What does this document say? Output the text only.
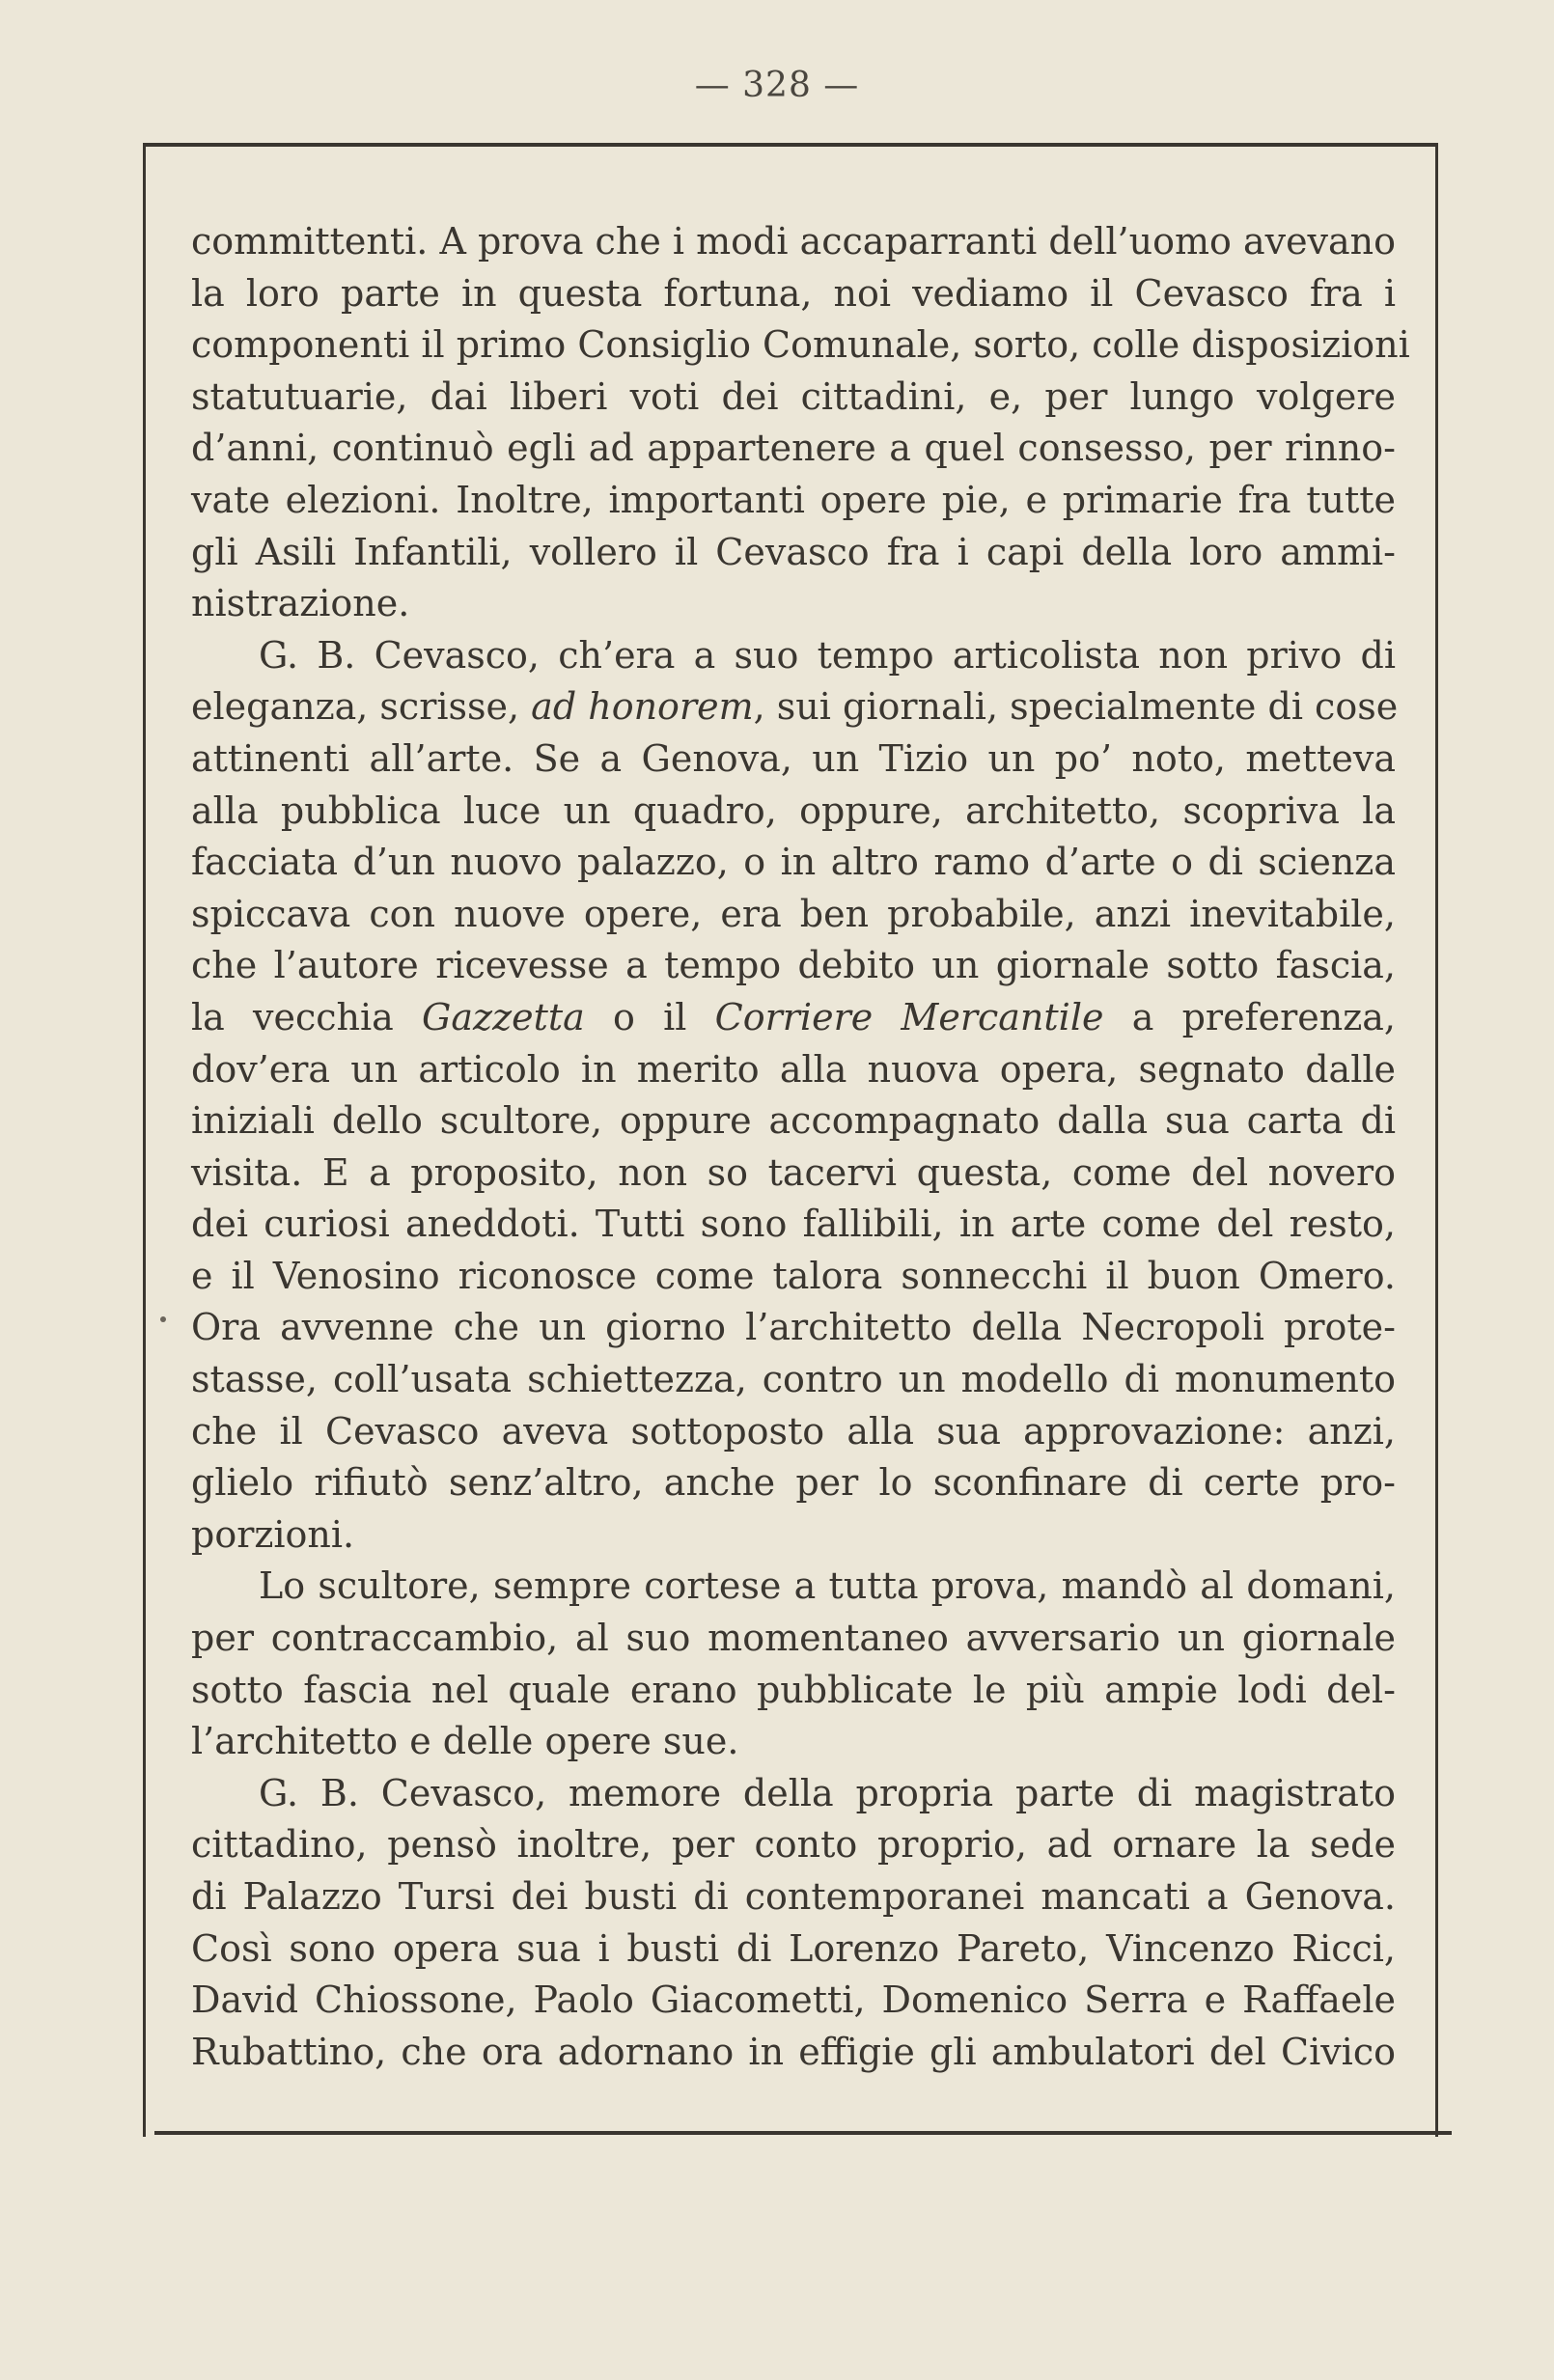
— 328 —
committenti. A prova che i modi accaparranti dell’uomo avevano
la loro parte in questa fortuna, noi vediamo il Cevasco fra i
componenti il primo Consiglio Comunale, sorto, colle disposizioni
statutuarie, dai liberi voti dei cittadini, e, per lungo volgere
d’anni, continuò egli ad appartenere a quel consesso, per rinno-
vate elezioni. Inoltre, importanti opere pie, e primarie fra tutte
gli Asili Infantili, vollero il Cevasco fra i capi della loro ammi-
nistrazione.
G. B. Cevasco, ch’era a suo tempo articolista non privo di
eleganza, scrisse, ad honorem, sui giornali, specialmente di cose
attinenti all’arte. Se a Genova, un Tizio un po’ noto, metteva
alla pubblica luce un quadro, oppure, architetto, scopriva la
facciata d’un nuovo palazzo, o in altro ramo d’arte o di scienza
spiccava con nuove opere, era ben probabile, anzi inevitabile,
che l’autore ricevesse a tempo debito un giornale sotto fascia,
la vecchia Gazzetta o il Corriere Mercantile a preferenza,
dov’era un articolo in merito alla nuova opera, segnato dalle
iniziali dello scultore, oppure accompagnato dalla sua carta di
visita. E a proposito, non so tacervi questa, come del novero
dei curiosi aneddoti. Tutti sono fallibili, in arte come del resto,
e il Venosino riconosce come talora sonnecchi il buon Omero.
Ora avvenne che un giorno l’architetto della Necropoli prote-
stasse, coll’usata schiettezza, contro un modello di monumento
che il Cevasco aveva sottoposto alla sua approvazione: anzi,
glielo rifiutò senz’altro, anche per lo sconfinare di certe pro-
porzioni.
Lo scultore, sempre cortese a tutta prova, mandò al domani,
per contraccambio, al suo momentaneo avversario un giornale
sotto fascia nel quale erano pubblicate le più ampie lodi del-
l’architetto e delle opere sue.
G. B. Cevasco, memore della propria parte di magistrato
cittadino, pensò inoltre, per conto proprio, ad ornare la sede
di Palazzo Tursi dei busti di contemporanei mancati a Genova.
Così sono opera sua i busti di Lorenzo Pareto, Vincenzo Ricci,
David Chiossone, Paolo Giacometti, Domenico Serra e Raffaele
Rubattino, che ora adornano in effigie gli ambulatori del Civico
